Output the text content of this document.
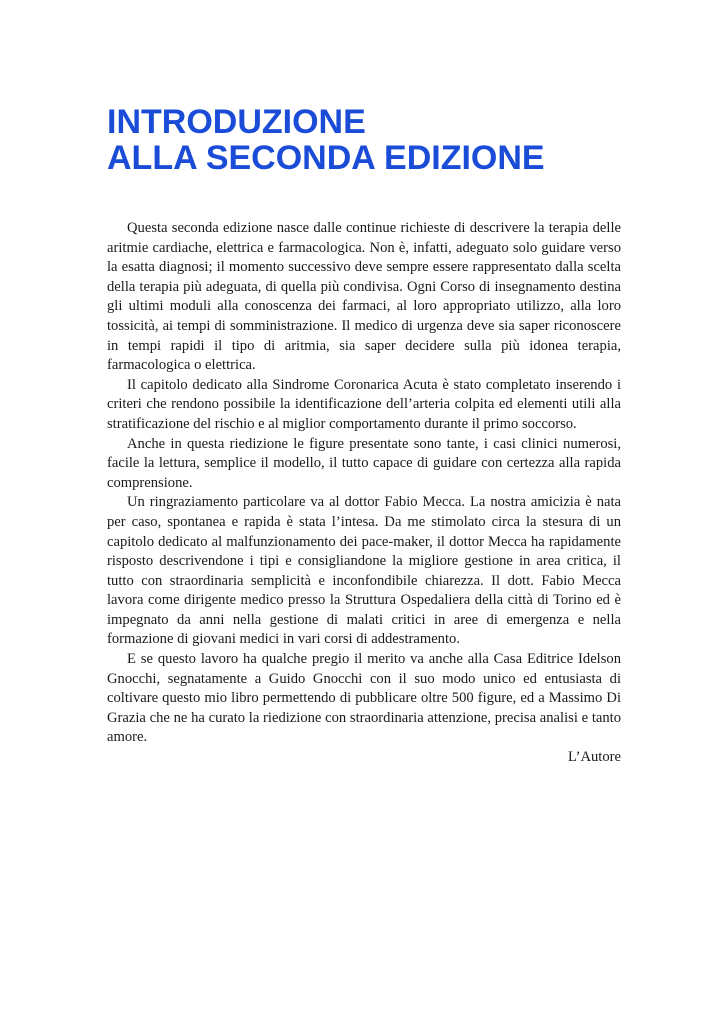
INTRODUZIONE
ALLA SECONDA EDIZIONE

Questa seconda edizione nasce dalle continue richieste di descrivere la terapia delle aritmie cardiache, elettrica e farmacologica. Non è, infatti, adeguato solo guidare verso la esatta diagnosi; il momento successivo deve sempre essere rappresentato dalla scelta della terapia più adeguata, di quella più condivisa. Ogni Corso di insegnamento destina gli ultimi moduli alla conoscenza dei farmaci, al loro appropriato utilizzo, alla loro tossicità, ai tempi di somministrazione. Il medico di urgenza deve sia saper riconoscere in tempi rapidi il tipo di aritmia, sia saper decidere sulla più idonea terapia, farmacologica o elettrica.

Il capitolo dedicato alla Sindrome Coronarica Acuta è stato completato inserendo i criteri che rendono possibile la identificazione dell’arteria colpita ed elementi utili alla stratificazione del rischio e al miglior comportamento durante il primo soccorso.

Anche in questa riedizione le figure presentate sono tante, i casi clinici numerosi, facile la lettura, semplice il modello, il tutto capace di guidare con certezza alla rapida comprensione.

Un ringraziamento particolare va al dottor Fabio Mecca. La nostra amicizia è nata per caso, spontanea e rapida è stata l’intesa. Da me stimolato circa la stesura di un capitolo dedicato al malfunzionamento dei pace-maker, il dottor Mecca ha rapidamente risposto descrivendone i tipi e consigliandone la migliore gestione in area critica, il tutto con straordinaria semplicità e inconfondibile chiarezza. Il dott. Fabio Mecca lavora come dirigente medico presso la Struttura Ospedaliera della città di Torino ed è impegnato da anni nella gestione di malati critici in aree di emergenza e nella formazione di giovani medici in vari corsi di addestramento.

E se questo lavoro ha qualche pregio il merito va anche alla Casa Editrice Idelson Gnocchi, segnatamente a Guido Gnocchi con il suo modo unico ed entusiasta di coltivare questo mio libro permettendo di pubblicare oltre 500 figure, ed a Massimo Di Grazia che ne ha curato la riedizione con straordinaria attenzione, precisa analisi e tanto amore.

L’Autore
